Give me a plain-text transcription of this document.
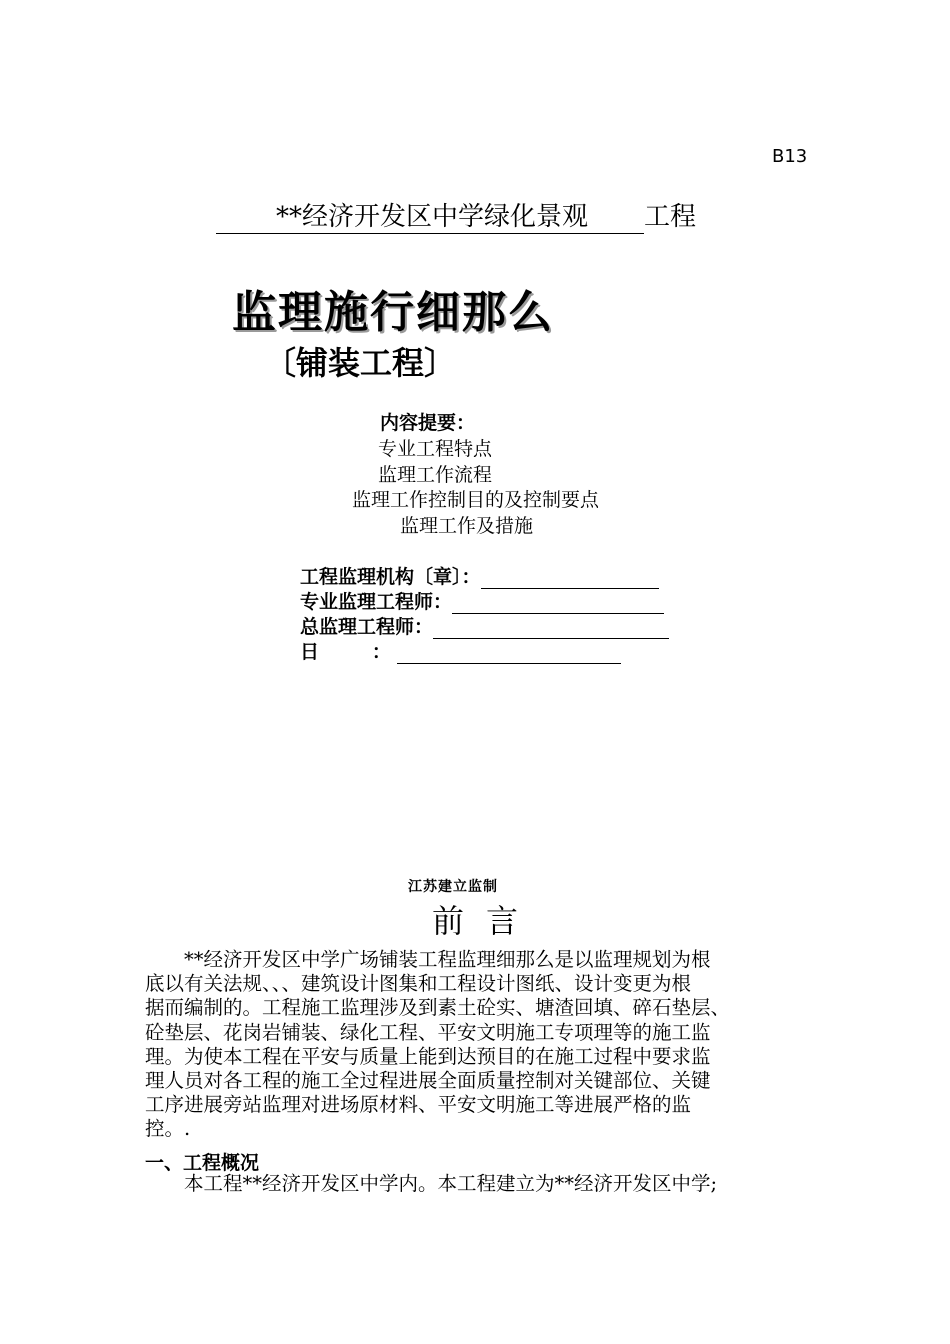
B13
**经济开发区中学绿化景观 工程
监理施行细那么
〔铺装工程〕
内容提要：
专业工程特点
监理工作流程
监理工作控制目的及控制要点
监理工作及措施
工程监理机构〔章〕：
专业监理工程师：
总监理工程师：
日        ：
江苏建立监制
前言
　　**经济开发区中学广场铺装工程监理细那么是以监理规划为根
底以有关法规、、、建筑设计图集和工程设计图纸、设计变更为根
据而编制的。工程施工监理涉及到素土砼实、塘渣回填、碎石垫层、
砼垫层、花岗岩铺装、绿化工程、平安文明施工专项理等的施工监
理。为使本工程在平安与质量上能到达预目的在施工过程中要求监
理人员对各工程的施工全过程进展全面质量控制对关键部位、关键
工序进展旁站监理对进场原材料、平安文明施工等进展严格的监
控。.
一、工程概况
　　本工程**经济开发区中学内。本工程建立为**经济开发区中学;
